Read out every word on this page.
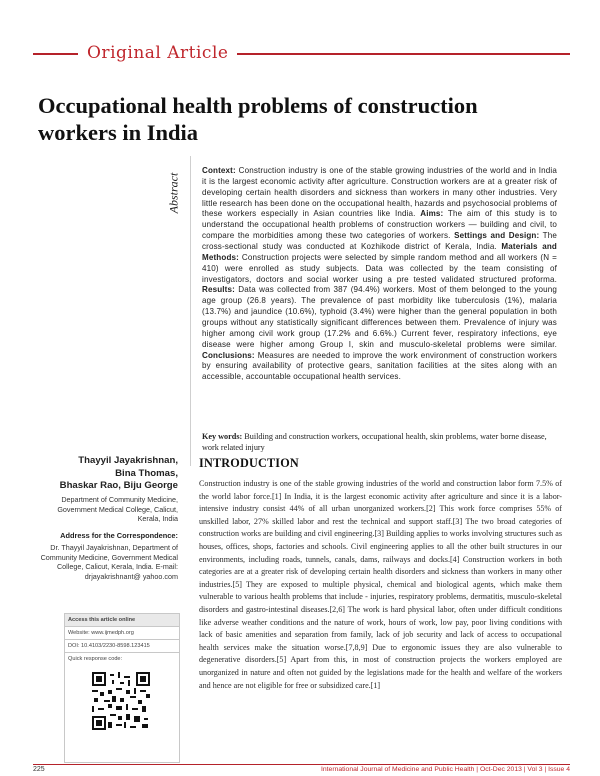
Original Article
Occupational health problems of construction workers in India
Abstract
Context: Construction industry is one of the stable growing industries of the world and in India it is the largest economic activity after agriculture. Construction workers are at a greater risk of developing certain health disorders and sickness than workers in many other industries. Very little research has been done on the occupational health, hazards and psychosocial problems of these workers especially in Asian countries like India. Aims: The aim of this study is to understand the occupational health problems of construction workers — building and civil, to compare the morbidities among these two categories of workers. Settings and Design: The cross-sectional study was conducted at Kozhikode district of Kerala, India. Materials and Methods: Construction projects were selected by simple random method and all workers (N = 410) were enrolled as study subjects. Data was collected by the team consisting of investigators, doctors and social worker using a pre tested validated structured proforma. Results: Data was collected from 387 (94.4%) workers. Most of them belonged to the young age group (26.8 years). The prevalence of past morbidity like tuberculosis (1%), malaria (13.7%) and jaundice (10.6%), typhoid (3.4%) were higher than the general population in both groups without any statistically significant differences between them. Prevalence of injury was higher among civil work group (17.2% and 6.6%.) Current fever, respiratory infections, eye disease were higher among Group I, skin and musculo-skeletal problems were similar. Conclusions: Measures are needed to improve the work environment of construction workers by ensuring availability of protective gears, sanitation facilities at the sites along with an accessible, accountable occupational health services.
Key words: Building and construction workers, occupational health, skin problems, water borne disease, work related injury
Thayyil Jayakrishnan,
Bina Thomas,
Bhaskar Rao, Biju George
Department of Community Medicine, Government Medical College, Calicut, Kerala, India
Address for the Correspondence:
Dr. Thayyil Jayakrishnan, Department of Community Medicine, Government Medical College, Calicut, Kerala, India. E-mail: drjayakrishnant@ yahoo.com
Access this article online
Website: www.ijmedph.org
DOI: 10.4103/2230-8598.123415
Quick response code:
INTRODUCTION

Construction industry is one of the stable growing industries of the world and construction labor form 7.5% of the world labor force.[1] In India, it is the largest economic activity after agriculture and since it is a labor-intensive industry consist 44% of all urban unorganized workers.[2] This work force comprises 55% of unskilled labor, 27% skilled labor and rest the technical and support staff.[3] The two broad categories of construction works are building and civil engineering.[3] Building applies to works involving structures such as houses, offices, shops, factories and schools. Civil engineering applies to all the other built structures in our environments, including roads, tunnels, canals, dams, railways and docks.[4] Construction workers in both categories are at a greater risk of developing certain health disorders and sickness than workers in many other industries.[5] They are exposed to multiple physical, chemical and biological agents, which make them vulnerable to various health problems that include - injuries, respiratory problems, dermatitis, musculo-skeletal disorders and gastro-intestinal diseases.[2,6] The work is hard physical labor, often under difficult conditions like adverse weather conditions and the nature of work, hours of work, low pay, poor living conditions with lack of basic amenities and separation from family, lack of job security and lack of access to occupational health services make the situation worse.[7,8,9] Due to ergonomic issues they are also vulnerable to degenerative disorders.[5] Apart from this, in most of construction projects the workers employed are unorganized in nature and often not guided by the legislations made for the health and welfare of the workers and hence are not eligible for free or subsidized care.[1]

225	International Journal of Medicine and Public Health | Oct-Dec 2013 | Vol 3 | Issue 4
